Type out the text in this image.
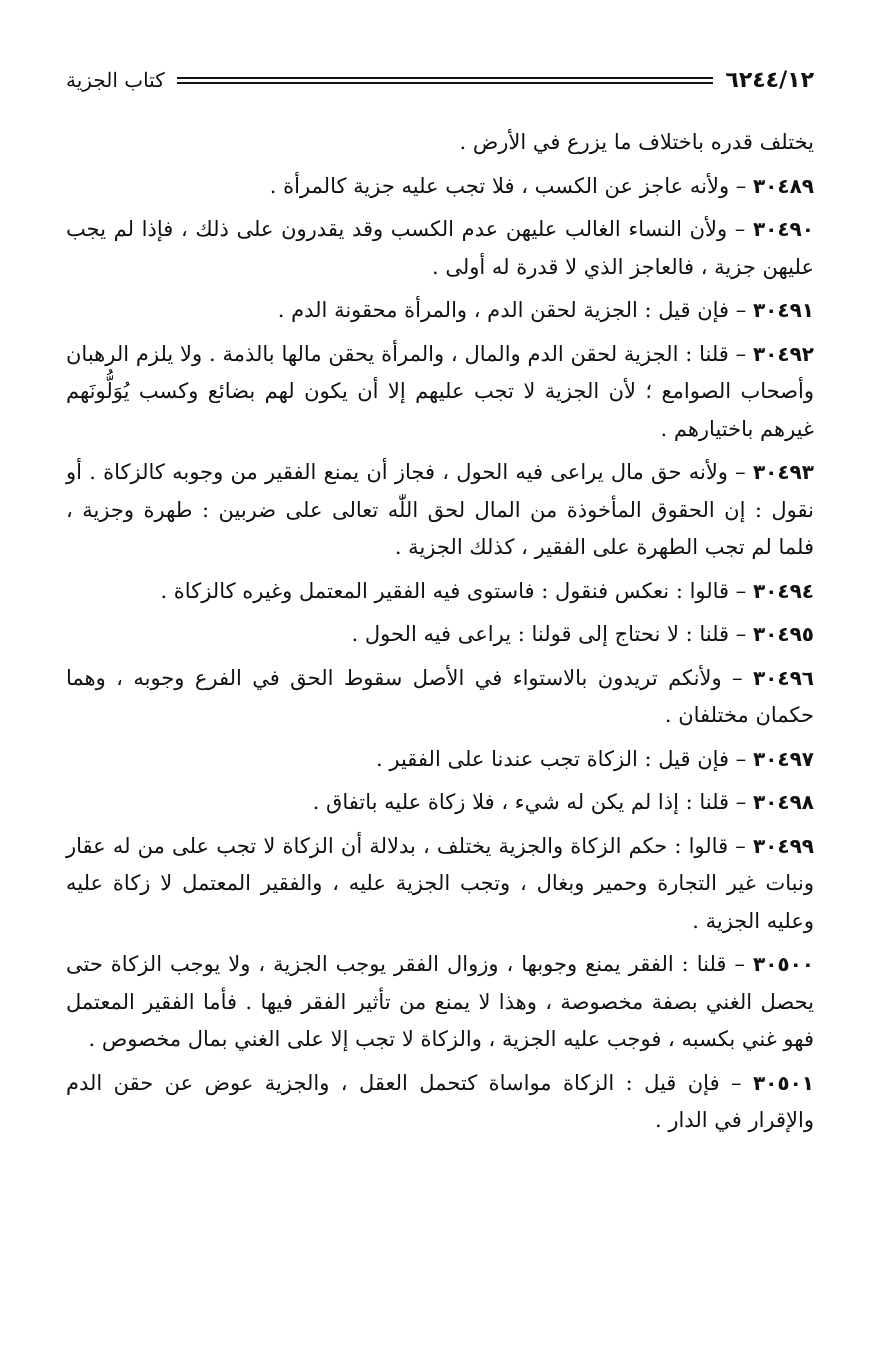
٦٢٤٤/١٢
كتاب الجزية

يختلف قدره باختلاف ما يزرع في الأرض .

٣٠٤٨٩ – ولأنه عاجز عن الكسب ، فلا تجب عليه جزية كالمرأة .

٣٠٤٩٠ – ولأن النساء الغالب عليهن عدم الكسب وقد يقدرون على ذلك ، فإذا لم يجب عليهن جزية ، فالعاجز الذي لا قدرة له أولى .

٣٠٤٩١ – فإن قيل : الجزية لحقن الدم ، والمرأة محقونة الدم .

٣٠٤٩٢ – قلنا : الجزية لحقن الدم والمال ، والمرأة يحقن مالها بالذمة . ولا يلزم الرهبان وأصحاب الصوامع ؛ لأن الجزية لا تجب عليهم إلا أن يكون لهم بضائع وكسب يُوَلُّونَهم غيرهم باختيارهم .

٣٠٤٩٣ – ولأنه حق مال يراعى فيه الحول ، فجاز أن يمنع الفقير من وجوبه كالزكاة . أو نقول : إن الحقوق المأخوذة من المال لحق اللّٰه تعالى على ضربين : طهرة وجزية ، فلما لم تجب الطهرة على الفقير ، كذلك الجزية .

٣٠٤٩٤ – قالوا : نعكس فنقول : فاستوى فيه الفقير المعتمل وغيره كالزكاة .

٣٠٤٩٥ – قلنا : لا نحتاج إلى قولنا : يراعى فيه الحول .

٣٠٤٩٦ – ولأنكم تريدون بالاستواء في الأصل سقوط الحق في الفرع وجوبه ، وهما حكمان مختلفان .

٣٠٤٩٧ – فإن قيل : الزكاة تجب عندنا على الفقير .

٣٠٤٩٨ – قلنا : إذا لم يكن له شيء ، فلا زكاة عليه باتفاق .

٣٠٤٩٩ – قالوا : حكم الزكاة والجزية يختلف ، بدلالة أن الزكاة لا تجب على من له عقار ونبات غير التجارة وحمير وبغال ، وتجب الجزية عليه ، والفقير المعتمل لا زكاة عليه وعليه الجزية .

٣٠٥٠٠ – قلنا : الفقر يمنع وجوبها ، وزوال الفقر يوجب الجزية ، ولا يوجب الزكاة حتى يحصل الغني بصفة مخصوصة ، وهذا لا يمنع من تأثير الفقر فيها . فأما الفقير المعتمل فهو غني بكسبه ، فوجب عليه الجزية ، والزكاة لا تجب إلا على الغني بمال مخصوص .

٣٠٥٠١ – فإن قيل : الزكاة مواساة كتحمل العقل ، والجزية عوض عن حقن الدم والإقرار في الدار .
